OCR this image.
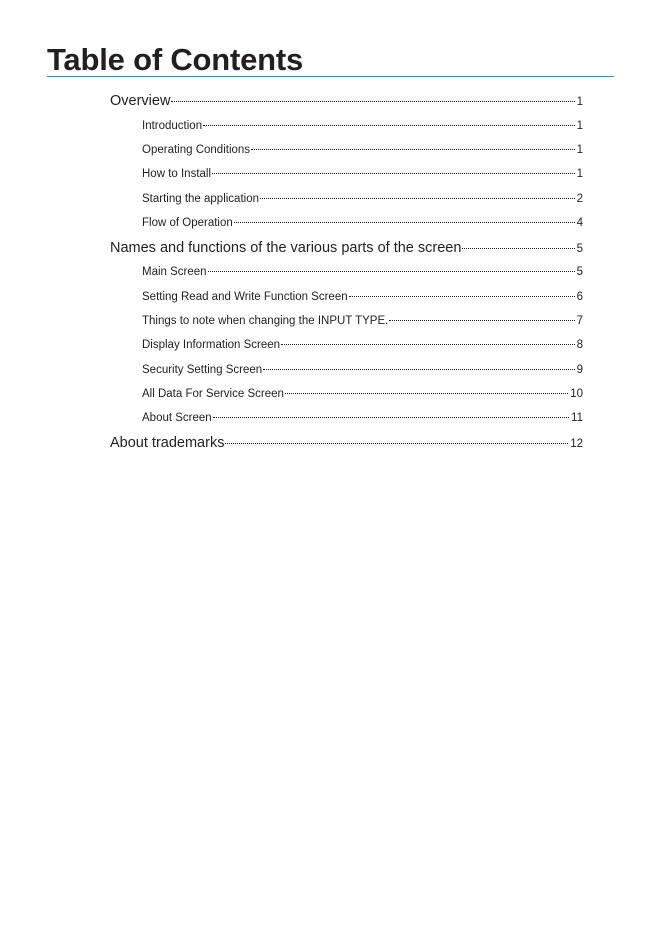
Table of Contents
Overview	1
Introduction	1
Operating Conditions	1
How to Install	1
Starting the application	2
Flow of Operation	4
Names and functions of the various parts of the screen	5
Main Screen	5
Setting Read and Write Function Screen	6
Things to note when changing the INPUT TYPE.	7
Display Information Screen	8
Security Setting Screen	9
All Data For Service Screen	10
About Screen	11
About trademarks	12
